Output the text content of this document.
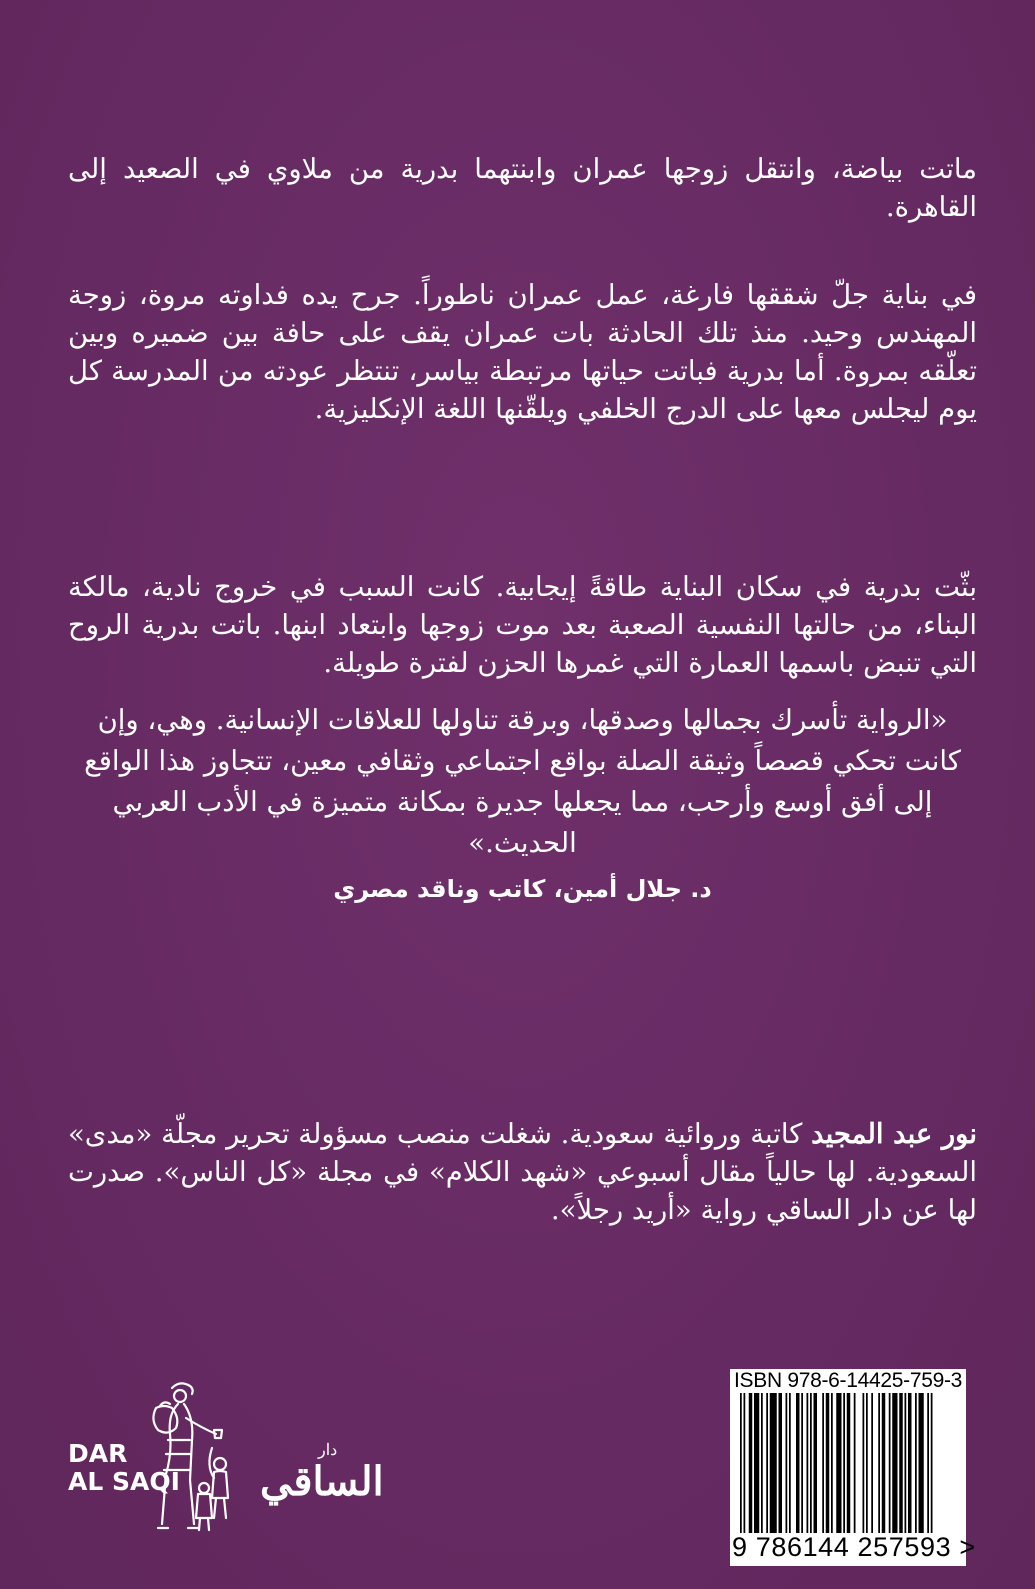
ماتت بياضة، وانتقل زوجها عمران وابنتهما بدرية من ملاوي في الصعيد إلى القاهرة.

في بناية جلّ شققها فارغة، عمل عمران ناطوراً. جرح يده فداوته مروة، زوجة المهندس وحيد. منذ تلك الحادثة بات عمران يقف على حافة بين ضميره وبين تعلّقه بمروة. أما بدرية فباتت حياتها مرتبطة بياسر، تنتظر عودته من المدرسة كل يوم ليجلس معها على الدرج الخلفي ويلقّنها اللغة الإنكليزية.

بثّت بدرية في سكان البناية طاقةً إيجابية. كانت السبب في خروج نادية، مالكة البناء، من حالتها النفسية الصعبة بعد موت زوجها وابتعاد ابنها. باتت بدرية الروح التي تنبض باسمها العمارة التي غمرها الحزن لفترة طويلة.

«الرواية تأسرك بجمالها وصدقها، وبرقة تناولها للعلاقات الإنسانية. وهي، وإن كانت تحكي قصصاً وثيقة الصلة بواقع اجتماعي وثقافي معين، تتجاوز هذا الواقع إلى أفق أوسع وأرحب، مما يجعلها جديرة بمكانة متميزة في الأدب العربي الحديث.»

د. جلال أمين، كاتب وناقد مصري

نور عبد المجيد كاتبة وروائية سعودية. شغلت منصب مسؤولة تحرير مجلّة «مدى» السعودية. لها حالياً مقال أسبوعي «شهد الكلام» في مجلة «كل الناس». صدرت لها عن دار الساقي رواية «أريد رجلاً».

DAR
AL SAQI
دار
الساقي
ISBN 978-6-14425-759-3
9 786144 257593 >
